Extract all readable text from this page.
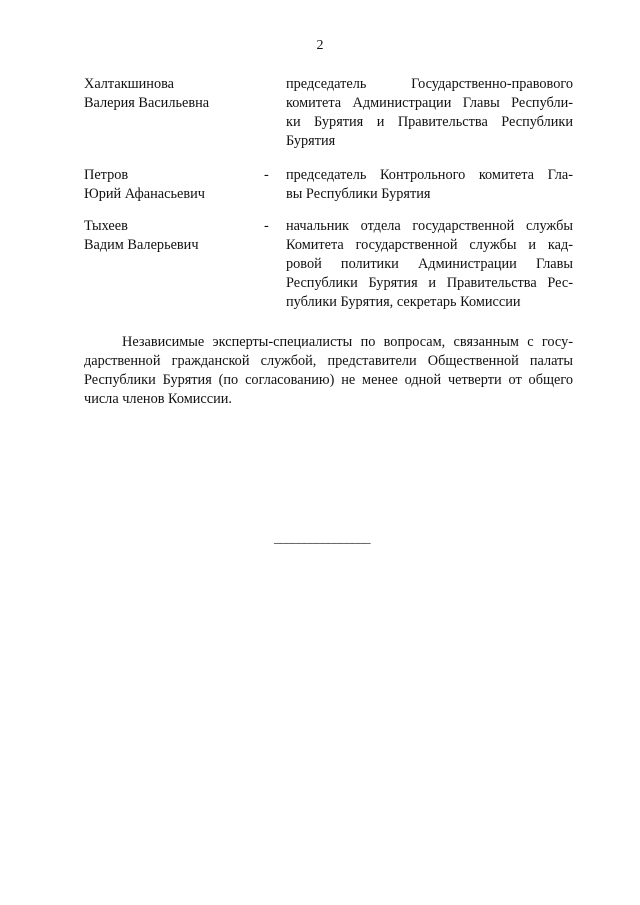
2
Халтакшинова
Валерия Васильевна
председатель Государственно-правового
комитета Администрации Главы Республи-
ки Бурятия и Правительства Республики
Бурятия
Петров
Юрий Афанасьевич
- председатель Контрольного комитета Гла-
вы Республики Бурятия
Тыхеев
Вадим Валерьевич
- начальник отдела государственной службы
Комитета государственной службы и кад-
ровой политики Администрации Главы
Республики Бурятия и Правительства Рес-
публики Бурятия, секретарь Комиссии
Независимые эксперты-специалисты по вопросам, связанным с госу-
дарственной гражданской службой, представители Общественной палаты
Республики Бурятия (по согласованию) не менее одной четверти от общего
числа членов Комиссии.
________________
